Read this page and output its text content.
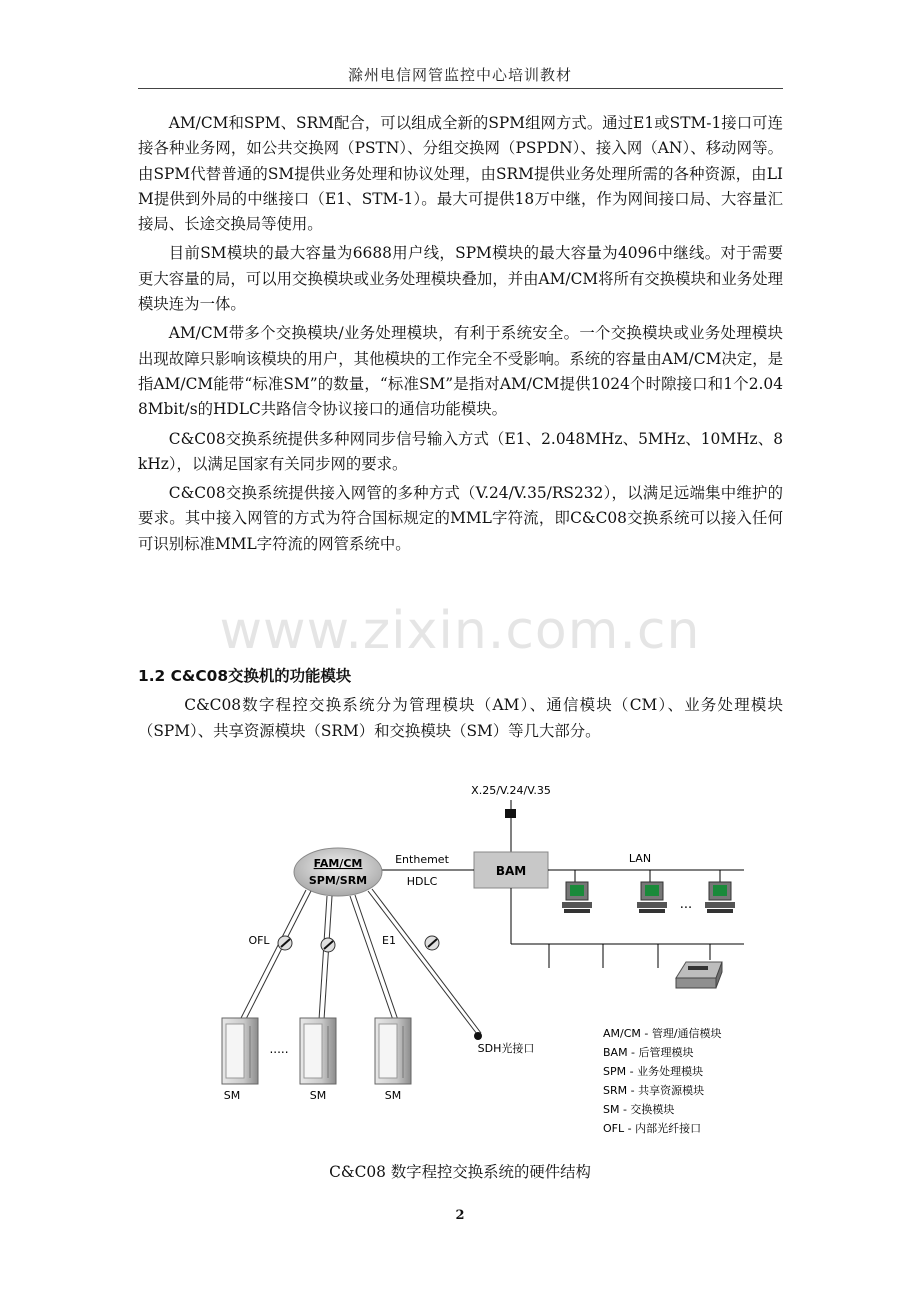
滁州电信网管监控中心培训教材
www.zixin.com.cn

AM/CM和SPM、SRM配合，可以组成全新的SPM组网方式。通过E1或STM-1接口可连接各种业务网，如公共交换网（PSTN）、分组交换网（PSPDN）、接入网（AN）、移动网等。由SPM代替普通的SM提供业务处理和协议处理，由SRM提供业务处理所需的各种资源，由LIM提供到外局的中继接口（E1、STM-1）。最大可提供18万中继，作为网间接口局、大容量汇接局、长途交换局等使用。

目前SM模块的最大容量为6688用户线，SPM模块的最大容量为4096中继线。对于需要更大容量的局，可以用交换模块或业务处理模块叠加，并由AM/CM将所有交换模块和业务处理模块连为一体。

AM/CM带多个交换模块/业务处理模块，有利于系统安全。一个交换模块或业务处理模块出现故障只影响该模块的用户，其他模块的工作完全不受影响。系统的容量由AM/CM决定，是指AM/CM能带“标准SM”的数量，“标准SM”是指对AM/CM提供1024个时隙接口和1个2.048Mbit/s的HDLC共路信令协议接口的通信功能模块。

C&C08交换系统提供多种网同步信号输入方式（E1、2.048MHz、5MHz、10MHz、8kHz），以满足国家有关同步网的要求。

C&C08交换系统提供接入网管的多种方式（V.24/V.35/RS232），以满足远端集中维护的要求。其中接入网管的方式为符合国标规定的MML字符流，即C&C08交换系统可以接入任何可识别标准MML字符流的网管系统中。

1.2 C&C08交换机的功能模块
C&C08数字程控交换系统分为管理模块（AM）、通信模块（CM）、业务处理模块（SPM）、共享资源模块（SRM）和交换模块（SM）等几大部分。
X.25/V.24/V.35
BAM
LAN
...
Enthemet
HDLC
FAM/CM
SPM/SRM
OFL	E1
.....
SM	SM	SM
SDH光接口
AM/CM - 管理/通信模块
BAM - 后管理模块
SPM - 业务处理模块
SRM - 共享资源模块
SM - 交换模块
OFL - 内部光纤接口
C&C08 数字程控交换系统的硬件结构
2
